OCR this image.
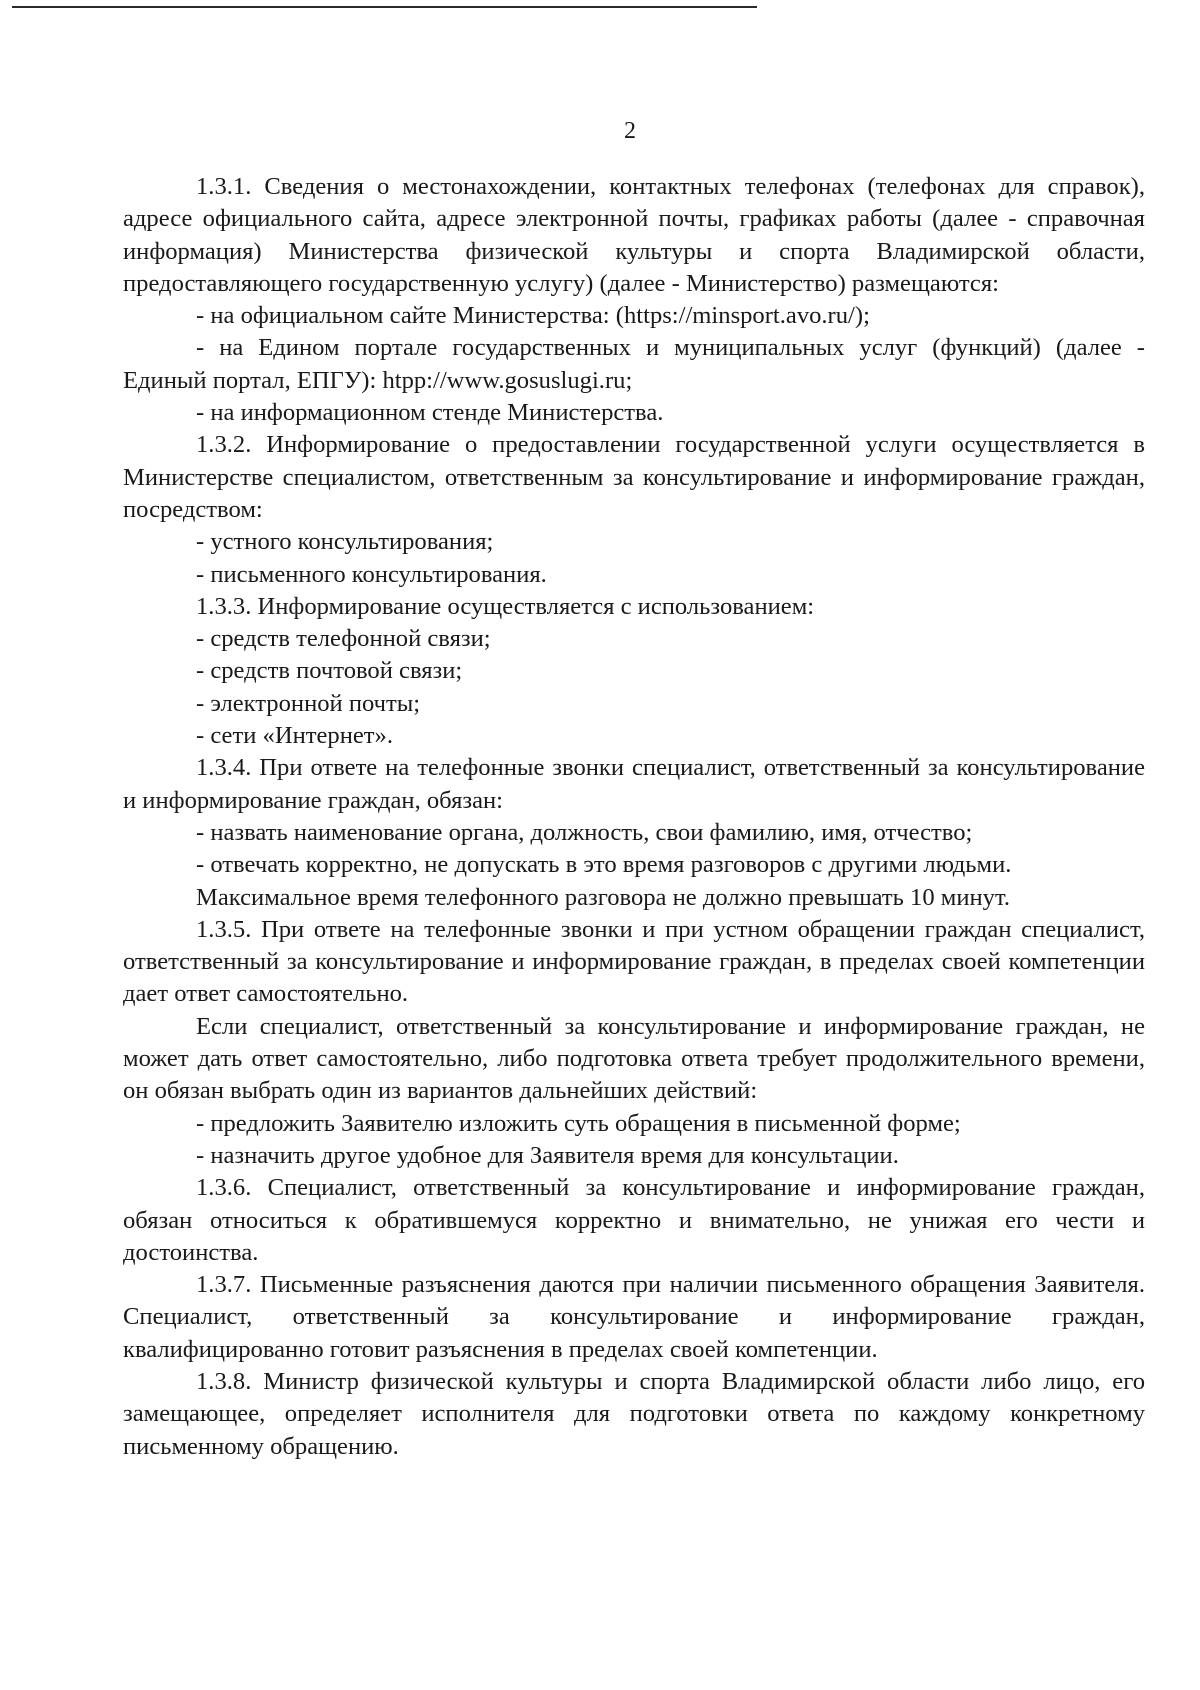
2

1.3.1. Сведения о местонахождении, контактных телефонах (телефонах для справок), адресе официального сайта, адресе электронной почты, графиках работы (далее - справочная информация) Министерства физической культуры и спорта Владимирской области, предоставляющего государственную услугу) (далее - Министерство) размещаются:

- на официальном сайте Министерства: (https://minsport.avo.ru/);

- на Едином портале государственных и муниципальных услуг (функций) (далее - Единый портал, ЕПГУ): htpp://www.gosuslugi.ru;

- на информационном стенде Министерства.

1.3.2. Информирование о предоставлении государственной услуги осуществляется в Министерстве специалистом, ответственным за консультирование и информирование граждан, посредством:

- устного консультирования;

- письменного консультирования.

1.3.3. Информирование осуществляется с использованием:

- средств телефонной связи;

- средств почтовой связи;

- электронной почты;

- сети «Интернет».

1.3.4. При ответе на телефонные звонки специалист, ответственный за консультирование и информирование граждан, обязан:

- назвать наименование органа, должность, свои фамилию, имя, отчество;

- отвечать корректно, не допускать в это время разговоров с другими людьми.

Максимальное время телефонного разговора не должно превышать 10 минут.

1.3.5. При ответе на телефонные звонки и при устном обращении граждан специалист, ответственный за консультирование и информирование граждан, в пределах своей компетенции дает ответ самостоятельно.

Если специалист, ответственный за консультирование и информирование граждан, не может дать ответ самостоятельно, либо подготовка ответа требует продолжительного времени, он обязан выбрать один из вариантов дальнейших действий:

- предложить Заявителю изложить суть обращения в письменной форме;

- назначить другое удобное для Заявителя время для консультации.

1.3.6. Специалист, ответственный за консультирование и информирование граждан, обязан относиться к обратившемуся корректно и внимательно, не унижая его чести и достоинства.

1.3.7. Письменные разъяснения даются при наличии письменного обращения Заявителя. Специалист, ответственный за консультирование и информирование граждан, квалифицированно готовит разъяснения в пределах своей компетенции.

1.3.8. Министр физической культуры и спорта Владимирской области либо лицо, его замещающее, определяет исполнителя для подготовки ответа по каждому конкретному письменному обращению.
